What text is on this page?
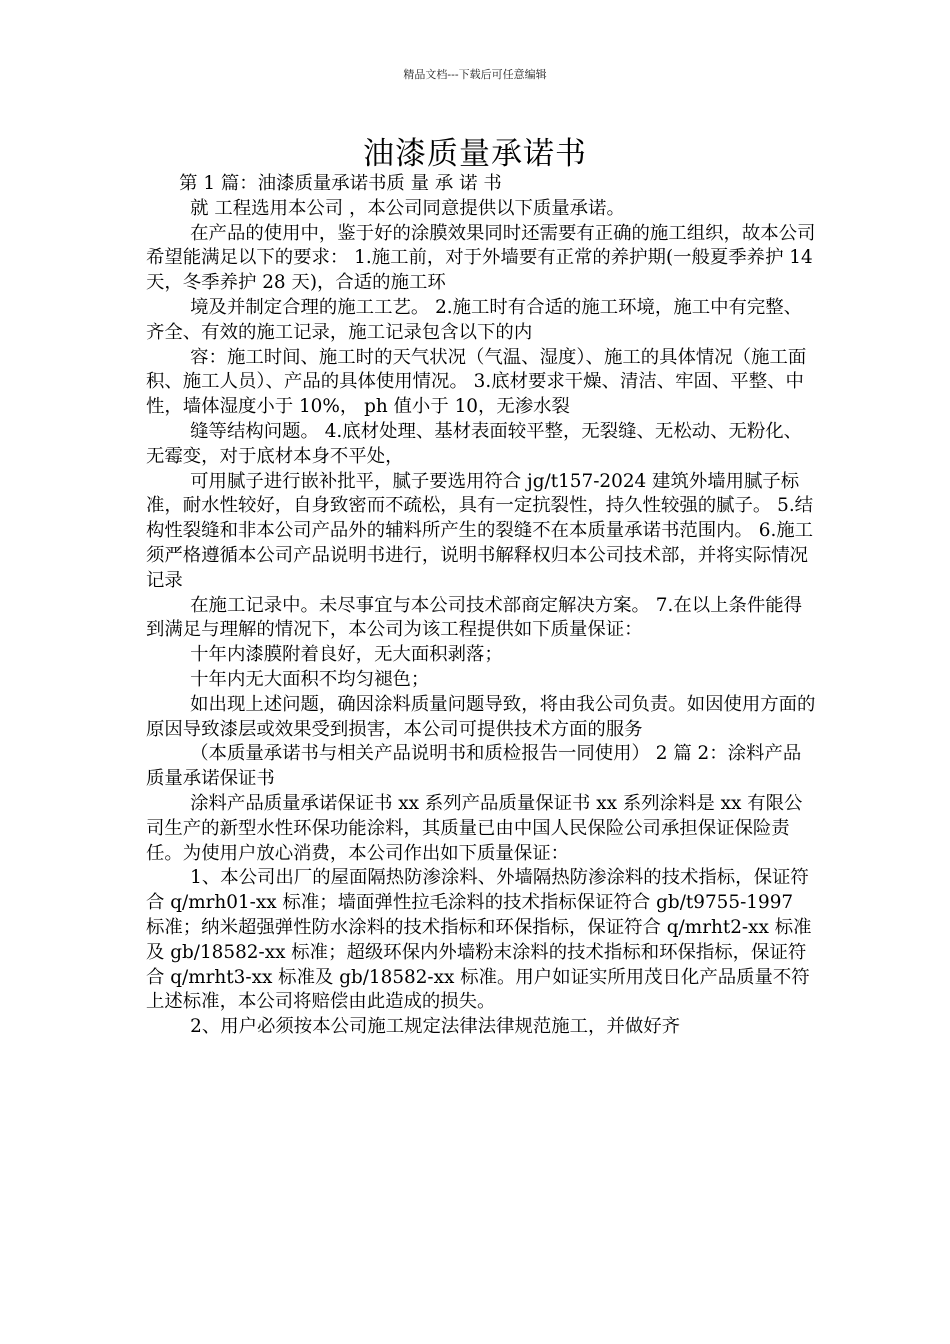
精品文档---下载后可任意编辑
油漆质量承诺书

第 1 篇：油漆质量承诺书质 量 承 诺 书

就 工程选用本公司 ，本公司同意提供以下质量承诺。

在产品的使用中，鉴于好的涂膜效果同时还需要有正确的施工组织，故本公司希望能满足以下的要求： 1.施工前，对于外墙要有正常的养护期(一般夏季养护 14 天，冬季养护 28 天)，合适的施工环

境及并制定合理的施工工艺。 2.施工时有合适的施工环境，施工中有完整、齐全、有效的施工记录，施工记录包含以下的内

容：施工时间、施工时的天气状况（气温、湿度）、施工的具体情况（施工面积、施工人员）、产品的具体使用情况。 3.底材要求干燥、清洁、牢固、平整、中性，墙体湿度小于 10%， ph 值小于 10，无渗水裂

缝等结构问题。 4.底材处理、基材表面较平整，无裂缝、无松动、无粉化、无霉变，对于底材本身不平处，

可用腻子进行嵌补批平，腻子要选用符合 jg/t157-2024 建筑外墙用腻子标准，耐水性较好，自身致密而不疏松，具有一定抗裂性，持久性较强的腻子。 5.结构性裂缝和非本公司产品外的辅料所产生的裂缝不在本质量承诺书范围内。 6.施工须严格遵循本公司产品说明书进行，说明书解释权归本公司技术部，并将实际情况记录

在施工记录中。未尽事宜与本公司技术部商定解决方案。 7.在以上条件能得到满足与理解的情况下，本公司为该工程提供如下质量保证：

十年内漆膜附着良好，无大面积剥落；

十年内无大面积不均匀褪色；

如出现上述问题，确因涂料质量问题导致，将由我公司负责。如因使用方面的原因导致漆层或效果受到损害，本公司可提供技术方面的服务

（本质量承诺书与相关产品说明书和质检报告一同使用） 2 篇 2：涂料产品质量承诺保证书

涂料产品质量承诺保证书 xx 系列产品质量保证书 xx 系列涂料是 xx 有限公司生产的新型水性环保功能涂料，其质量已由中国人民保险公司承担保证保险责任。为使用户放心消费，本公司作出如下质量保证：

1、本公司出厂的屋面隔热防渗涂料、外墙隔热防渗涂料的技术指标，保证符合 q/mrh01-xx 标准；墙面弹性拉毛涂料的技术指标保证符合 gb/t9755-1997 标准；纳米超强弹性防水涂料的技术指标和环保指标，保证符合 q/mrht2-xx 标准及 gb/18582-xx 标准；超级环保内外墙粉末涂料的技术指标和环保指标，保证符合 q/mrht3-xx 标准及 gb/18582-xx 标准。用户如证实所用茂日化产品质量不符上述标准，本公司将赔偿由此造成的损失。

2、用户必须按本公司施工规定法律法律规范施工，并做好齐
